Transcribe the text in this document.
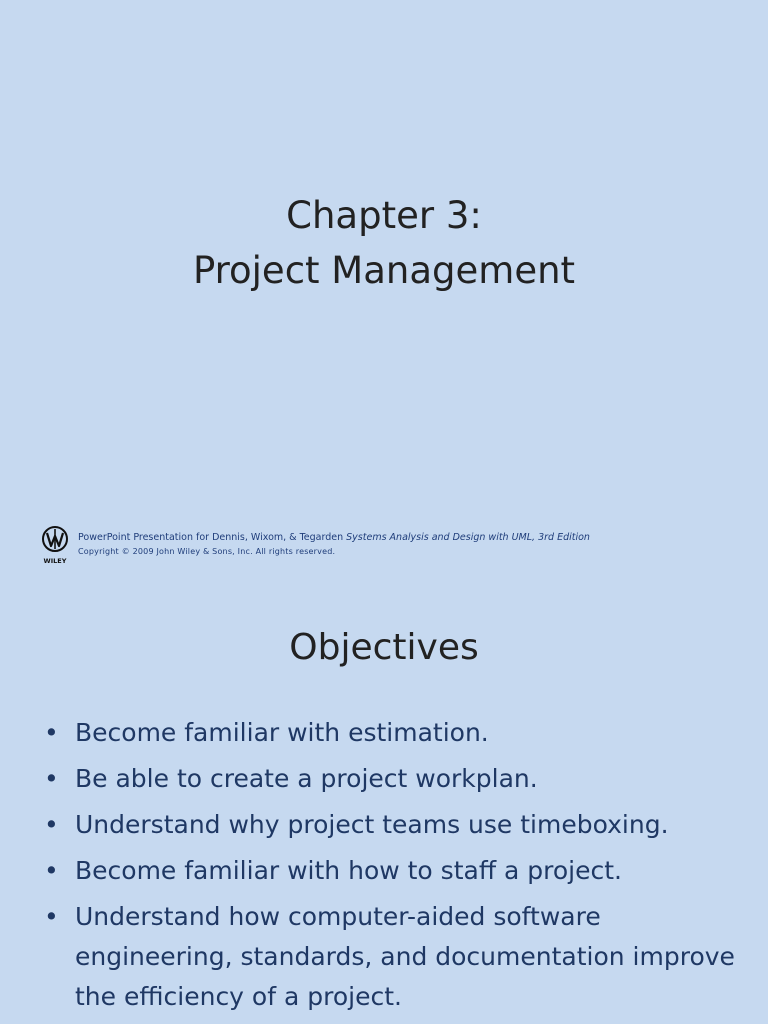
Chapter 3:
Project Management
WILEY
PowerPoint Presentation for Dennis, Wixom, & Tegarden Systems Analysis and Design with UML, 3rd Edition
Copyright © 2009 John Wiley & Sons, Inc. All rights reserved.
Objectives
• Become familiar with estimation.
• Be able to create a project workplan.
• Understand why project teams use timeboxing.
• Become familiar with how to staff a project.
• Understand how computer-aided software engineering, standards, and documentation improve the efficiency of a project.
